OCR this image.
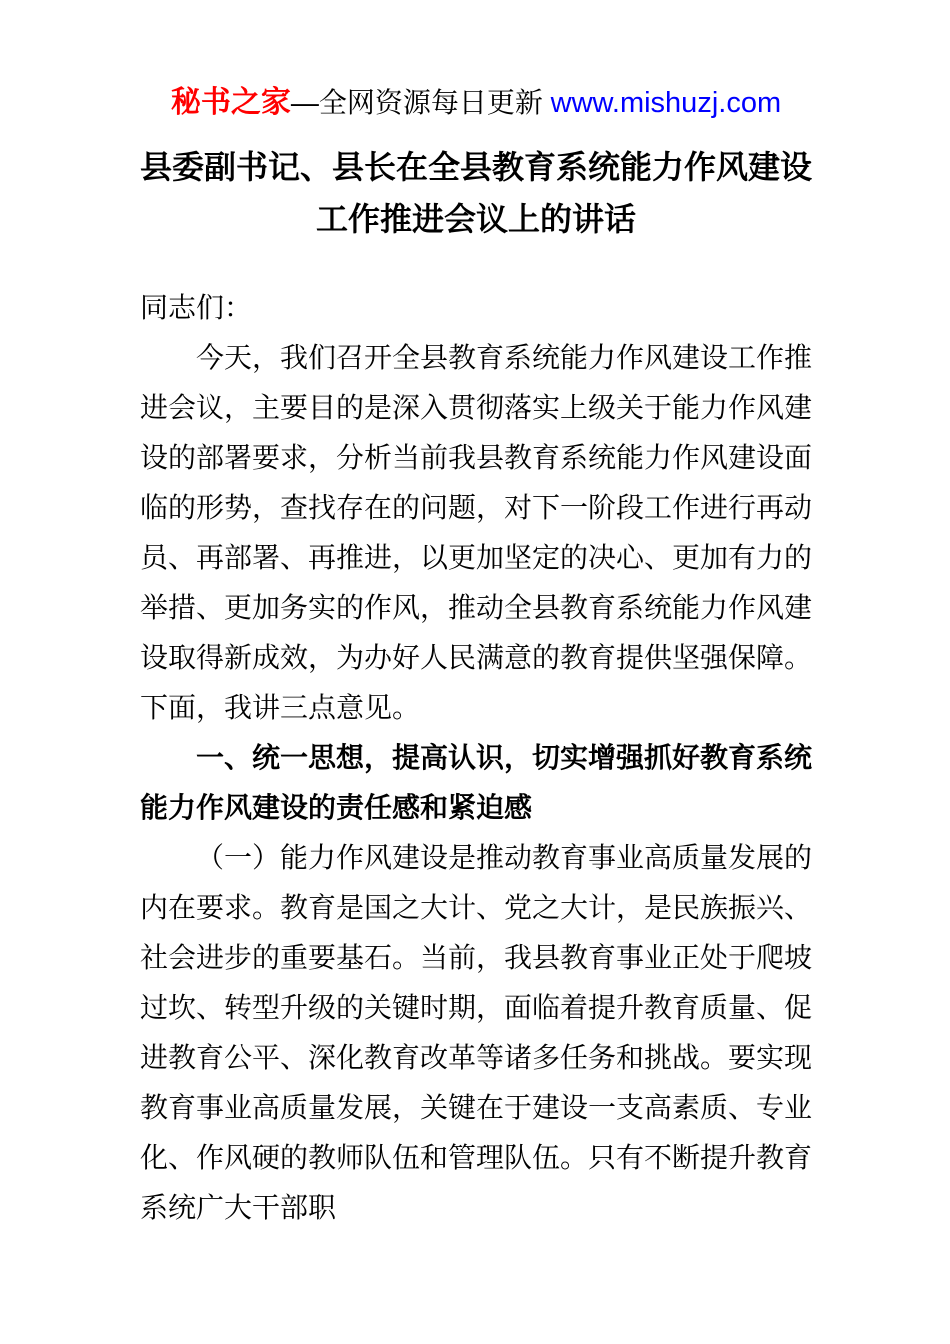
秘书之家—全网资源每日更新 www.mishuzj.com
县委副书记、县长在全县教育系统能力作风建设工作推进会议上的讲话

同志们：

今天，我们召开全县教育系统能力作风建设工作推进会议，主要目的是深入贯彻落实上级关于能力作风建设的部署要求，分析当前我县教育系统能力作风建设面临的形势，查找存在的问题，对下一阶段工作进行再动员、再部署、再推进，以更加坚定的决心、更加有力的举措、更加务实的作风，推动全县教育系统能力作风建设取得新成效，为办好人民满意的教育提供坚强保障。下面，我讲三点意见。

一、统一思想，提高认识，切实增强抓好教育系统能力作风建设的责任感和紧迫感

（一）能力作风建设是推动教育事业高质量发展的内在要求。教育是国之大计、党之大计，是民族振兴、社会进步的重要基石。当前，我县教育事业正处于爬坡过坎、转型升级的关键时期，面临着提升教育质量、促进教育公平、深化教育改革等诸多任务和挑战。要实现教育事业高质量发展，关键在于建设一支高素质、专业化、作风硬的教师队伍和管理队伍。只有不断提升教育系统广大干部职
